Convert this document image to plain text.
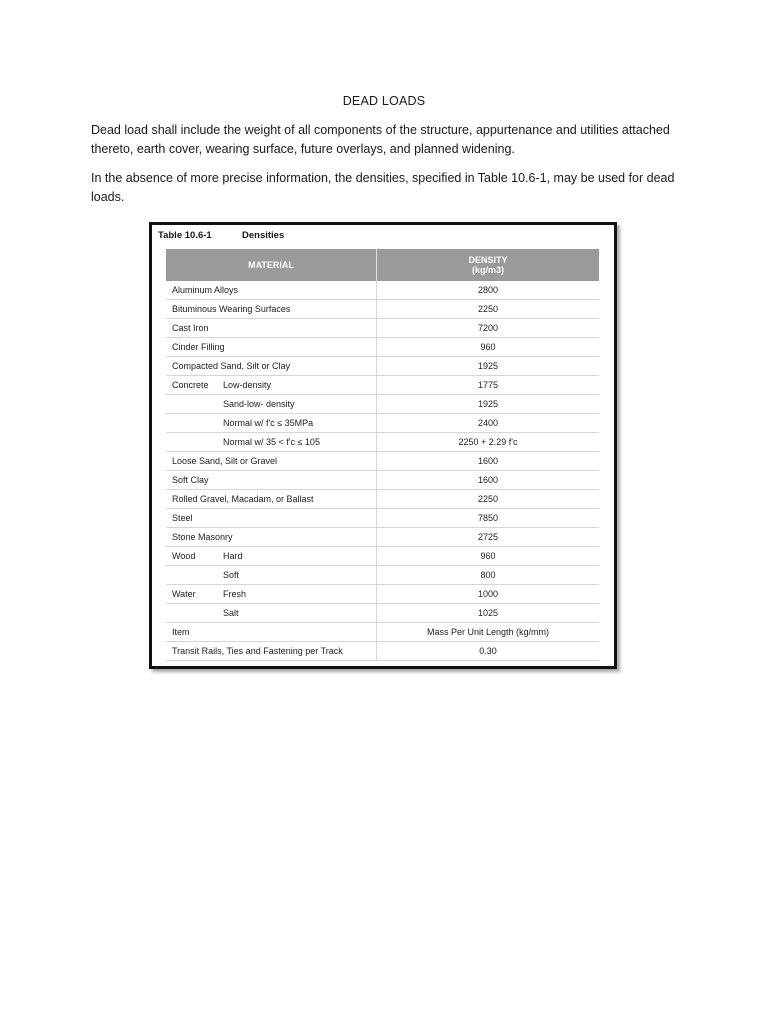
DEAD LOADS

Dead load shall include the weight of all components of the structure, appurtenance and utilities attached thereto, earth cover, wearing surface, future overlays, and planned widening.

In the absence of more precise information, the densities, specified in Table 10.6-1, may be used for dead loads.

Table 10.6-1	Densities
MATERIAL	DENSITY
(kg/m3)
Aluminum Alloys	2800
Bituminous Wearing Surfaces	2250
Cast Iron	7200
Cinder Filling	960
Compacted Sand, Silt or Clay	1925
Concrete Low-density	1775
Sand-low- density	1925
Normal w/ f'c ≤ 35MPa	2400
Normal w/ 35 < f'c ≤ 105	2250 + 2.29 f'c
Loose Sand, Silt or Gravel	1600
Soft Clay	1600
Rolled Gravel, Macadam, or Ballast	2250
Steel	7850
Stone Masonry	2725
Wood Hard	960
Soft	800
Water Fresh	1000
Salt	1025
Item	Mass Per Unit Length (kg/mm)
Transit Rails, Ties and Fastening per Track	0.30
